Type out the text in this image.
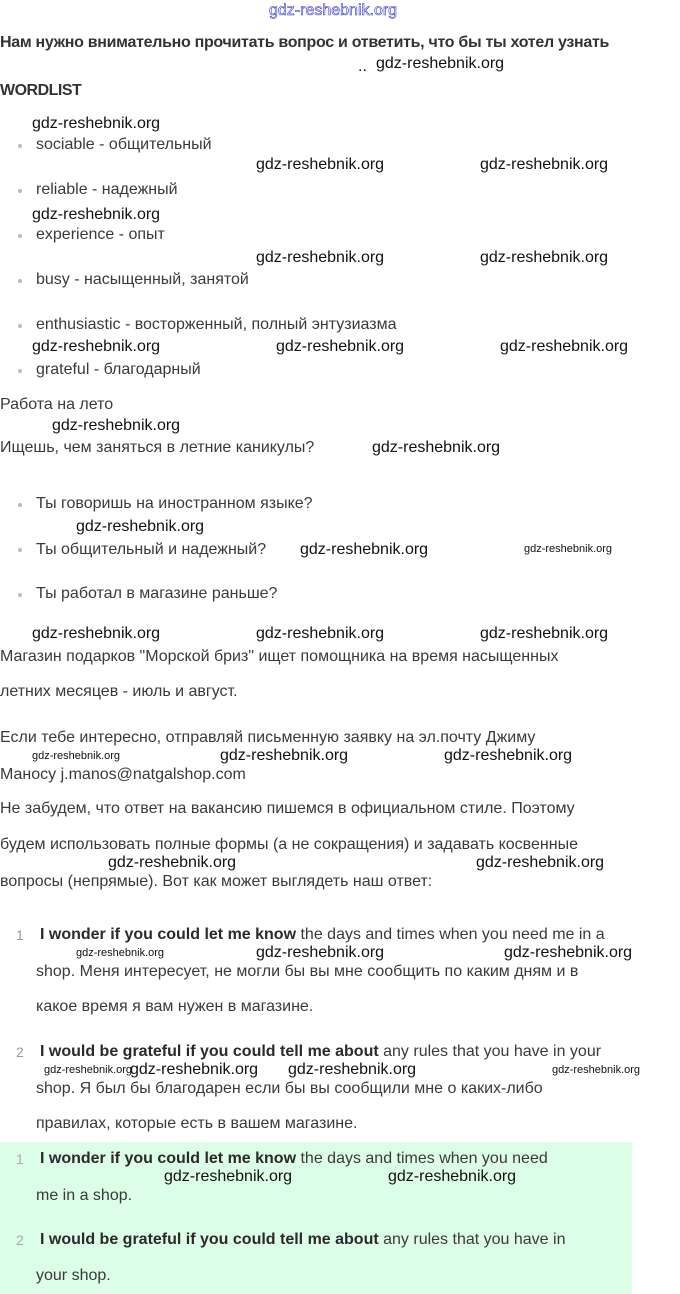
gdz-reshebnik.org
Нам нужно внимательно прочитать вопрос и ответить, что бы ты хотел узнать
..
WORDLIST
sociable - общительный
reliable - надежный
experience - опыт
busy - насыщенный, занятой
enthusiastic - восторженный, полный энтузиазма
grateful - благодарный
Работа на лето
Ищешь, чем заняться в летние каникулы?
Ты говоришь на иностранном языке?
Ты общительный и надежный?
Ты работал в магазине раньше?
Магазин подарков "Морской бриз" ищет помощника на время насыщенных
летних месяцев - июль и август.
Если тебе интересно, отправляй письменную заявку на эл.почту Джиму
Маносу j.manos@natgalshop.com
Не забудем, что ответ на вакансию пишемся в официальном стиле. Поэтому
будем использовать полные формы (а не сокращения) и задавать косвенные
вопросы (непрямые). Вот как может выглядеть наш ответ:
1 I wonder if you could let me know the days and times when you need me in a
shop. Меня интересует, не могли бы вы мне сообщить по каким дням и в
какое время я вам нужен в магазине.
2 I would be grateful if you could tell me about any rules that you have in your
shop. Я был бы благодарен если бы вы сообщили мне о каких-либо
правилах, которые есть в вашем магазине.
1 I wonder if you could let me know the days and times when you need
me in a shop.
2 I would be grateful if you could tell me about any rules that you have in
your shop.
gdz-reshebnik.org
gdz-reshebnik.org
gdz-reshebnik.org	gdz-reshebnik.org
gdz-reshebnik.org
gdz-reshebnik.org	gdz-reshebnik.org
gdz-reshebnik.org	gdz-reshebnik.org	gdz-reshebnik.org
gdz-reshebnik.org
gdz-reshebnik.org
gdz-reshebnik.org
gdz-reshebnik.org	gdz-reshebnik.org
gdz-reshebnik.org	gdz-reshebnik.org	gdz-reshebnik.org
gdz-reshebnik.org	gdz-reshebnik.org
gdz-reshebnik.org
gdz-reshebnik.org	gdz-reshebnik.org
gdz-reshebnik.org	gdz-reshebnik.org	gdz-reshebnik.org
gdz-reshebnik.org
gdz-reshebnik.org
gdz-reshebnik.org	gdz-reshebnik.org
gdz-reshebnik.org	gdz-reshebnik.org
